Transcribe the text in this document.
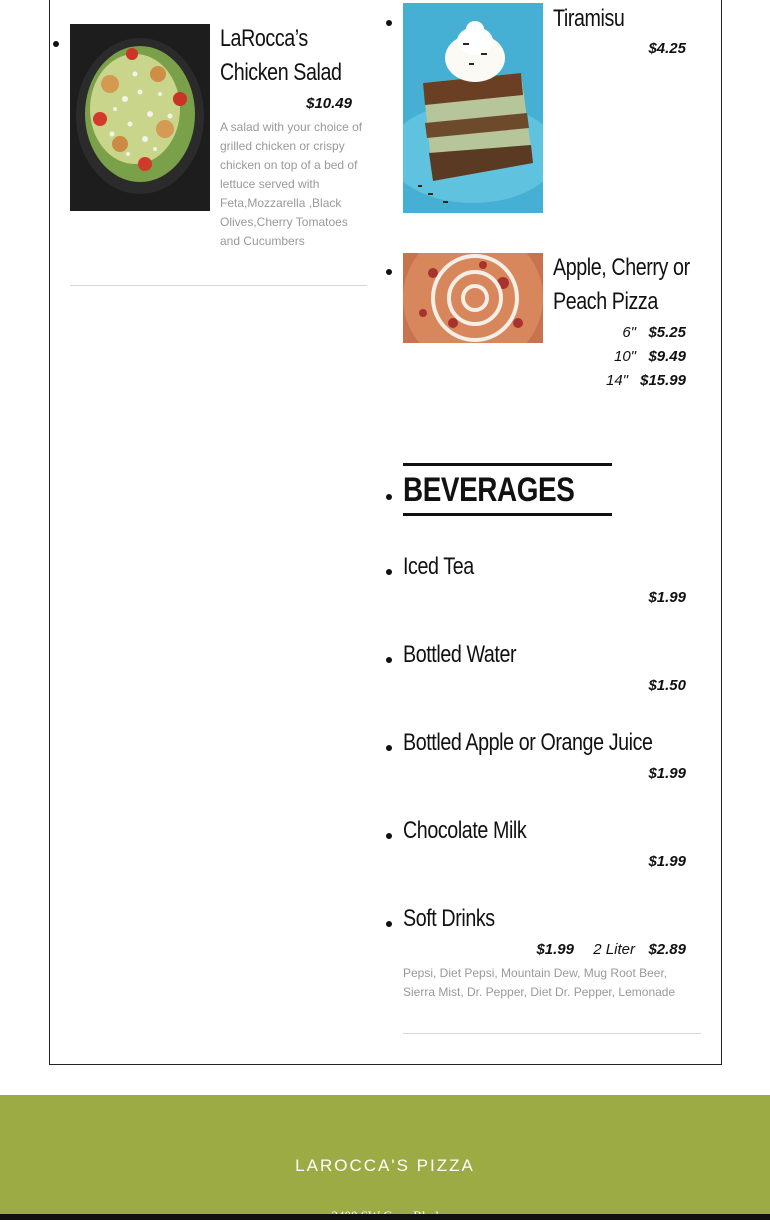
LaRocca’s
Chicken Salad
$10.49
A salad with your choice of
grilled chicken or crispy
chicken on top of a bed of
lettuce served with
Feta,Mozzarella ,Black
Olives,Cherry Tomatoes
and Cucumbers
Tiramisu
$4.25
Apple, Cherry or
Peach Pizza
6" $5.25
10" $9.49
14" $15.99
BEVERAGES
Iced Tea
$1.99
Bottled Water
$1.50
Bottled Apple or Orange Juice
$1.99
Chocolate Milk
$1.99
Soft Drinks
$1.99	2 Liter $2.89
Pepsi, Diet Pepsi, Mountain Dew, Mug Root Beer,
Sierra Mist, Dr. Pepper, Diet Dr. Pepper, Lemonade
LAROCCA'S PIZZA
